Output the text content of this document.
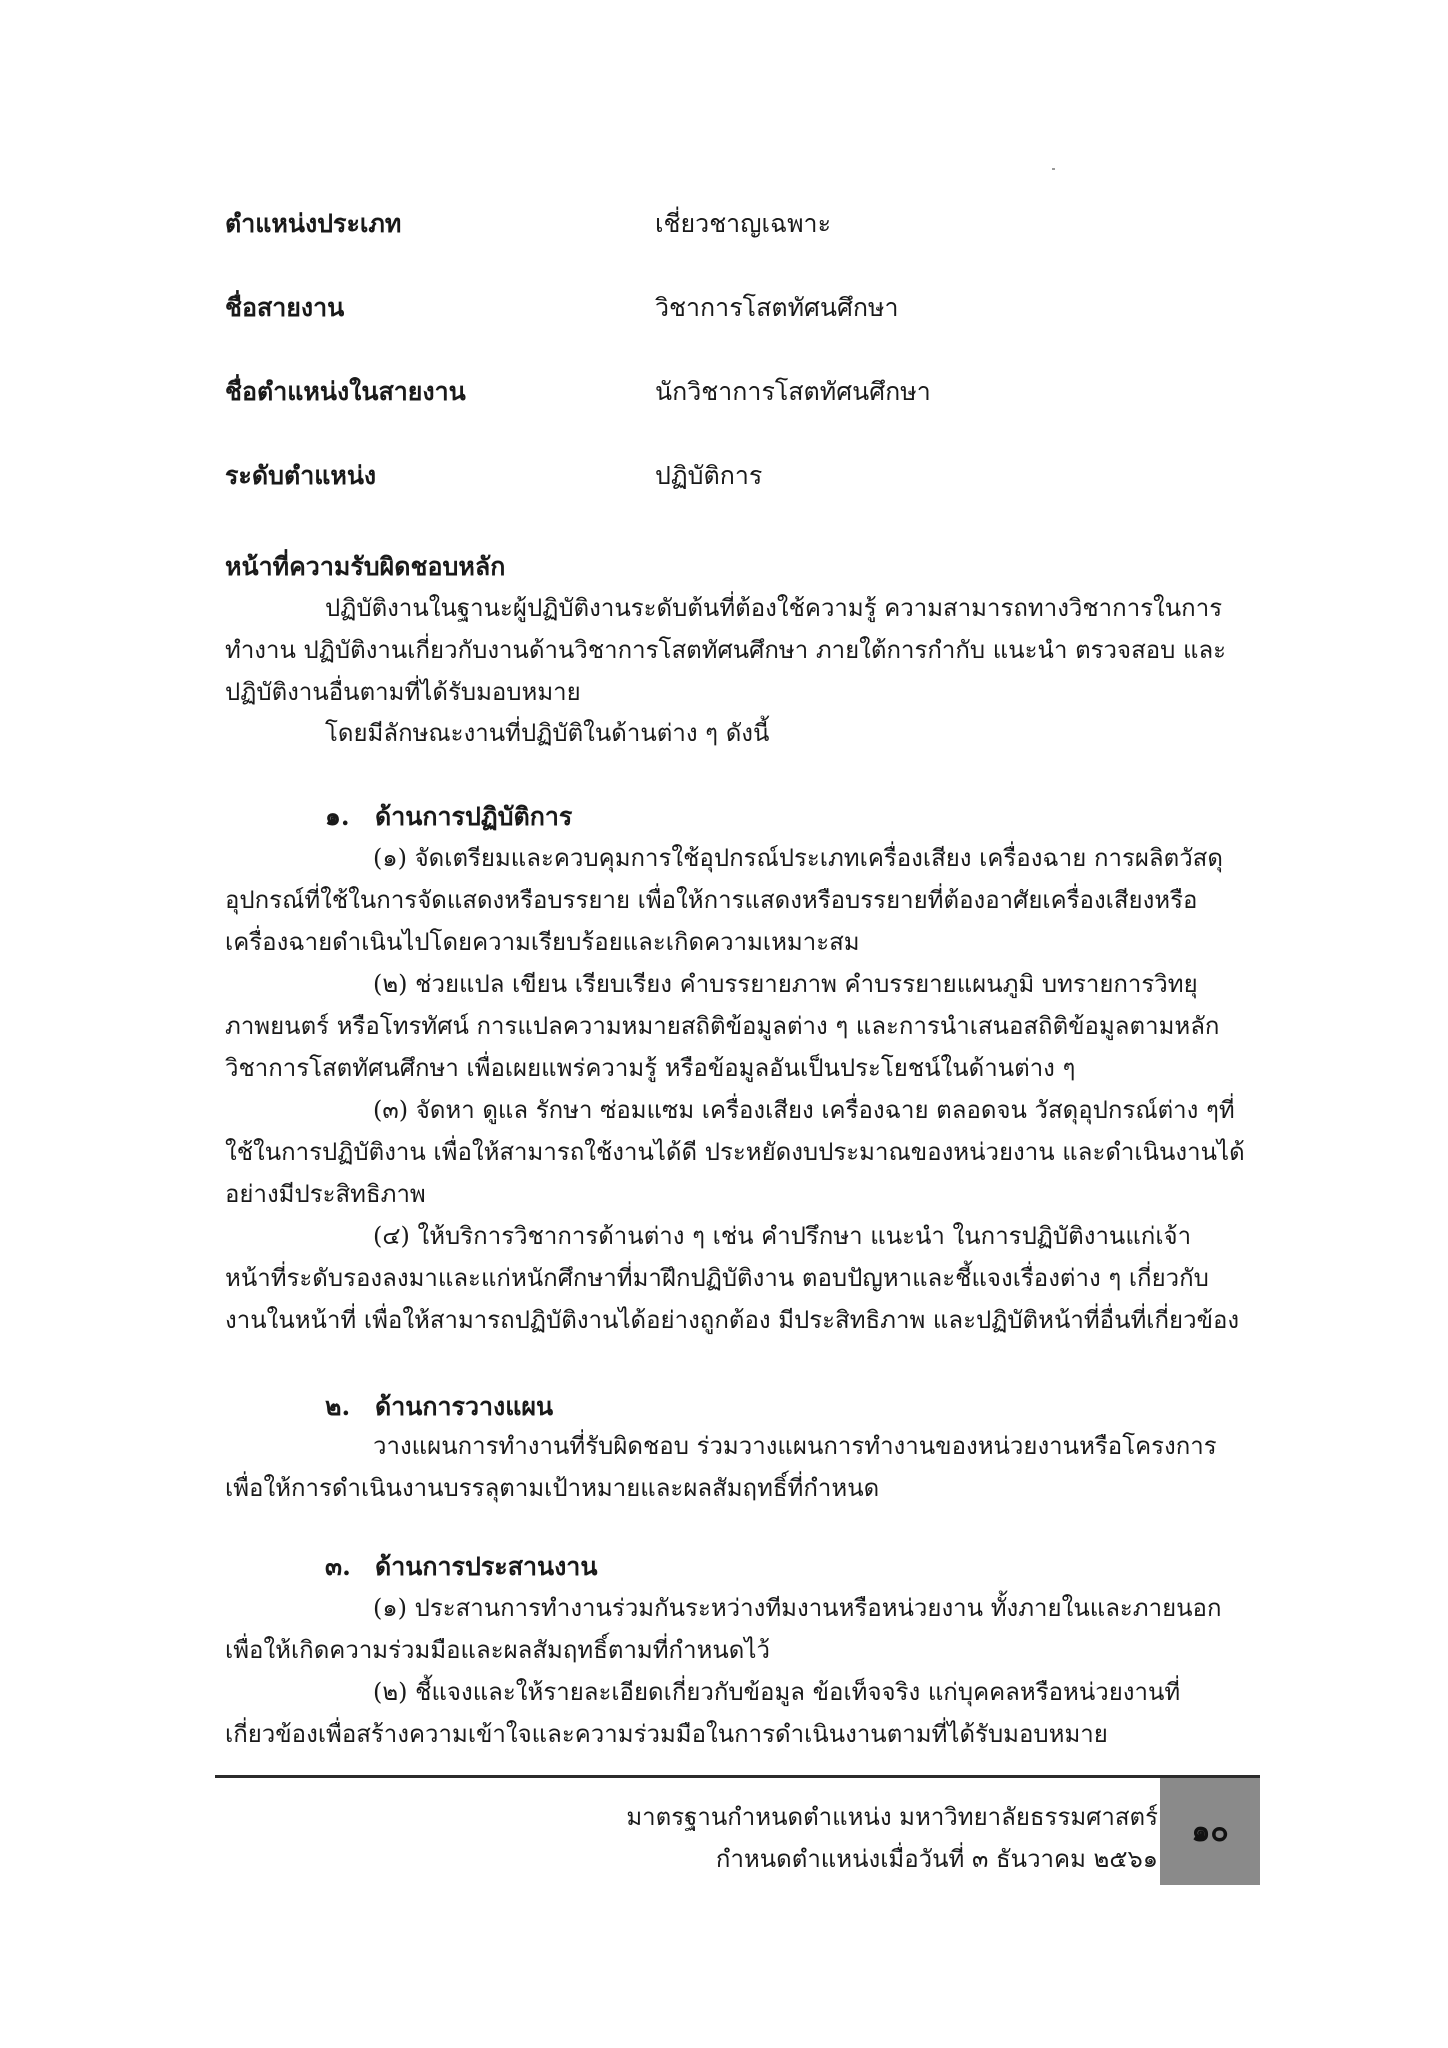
ตำแหน่งประเภท	เชี่ยวชาญเฉพาะ
ชื่อสายงาน	วิชาการโสตทัศนศึกษา
ชื่อตำแหน่งในสายงาน	นักวิชาการโสตทัศนศึกษา
ระดับตำแหน่ง	ปฏิบัติการ
หน้าที่ความรับผิดชอบหลัก

ปฏิบัติงานในฐานะผู้ปฏิบัติงานระดับต้นที่ต้องใช้ความรู้ ความสามารถทางวิชาการในการทำงาน ปฏิบัติงานเกี่ยวกับงานด้านวิชาการโสตทัศนศึกษา ภายใต้การกำกับ แนะนำ ตรวจสอบ และปฏิบัติงานอื่นตามที่ได้รับมอบหมาย

โดยมีลักษณะงานที่ปฏิบัติในด้านต่าง ๆ ดังนี้
๑. ด้านการปฏิบัติการ

(๑) จัดเตรียมและควบคุมการใช้อุปกรณ์ประเภทเครื่องเสียง เครื่องฉาย การผลิตวัสดุอุปกรณ์ที่ใช้ในการจัดแสดงหรือบรรยาย เพื่อให้การแสดงหรือบรรยายที่ต้องอาศัยเครื่องเสียงหรือเครื่องฉายดำเนินไปโดยความเรียบร้อยและเกิดความเหมาะสม

(๒) ช่วยแปล เขียน เรียบเรียง คำบรรยายภาพ คำบรรยายแผนภูมิ บทรายการวิทยุภาพยนตร์ หรือโทรทัศน์ การแปลความหมายสถิติข้อมูลต่าง ๆ และการนำเสนอสถิติข้อมูลตามหลักวิชาการโสตทัศนศึกษา เพื่อเผยแพร่ความรู้ หรือข้อมูลอันเป็นประโยชน์ในด้านต่าง ๆ

(๓) จัดหา ดูแล รักษา ซ่อมแซม เครื่องเสียง เครื่องฉาย ตลอดจน วัสดุอุปกรณ์ต่าง ๆที่ใช้ในการปฏิบัติงาน เพื่อให้สามารถใช้งานได้ดี ประหยัดงบประมาณของหน่วยงาน และดำเนินงานได้อย่างมีประสิทธิภาพ

(๔) ให้บริการวิชาการด้านต่าง ๆ เช่น คำปรึกษา แนะนำ ในการปฏิบัติงานแก่เจ้าหน้าที่ระดับรองลงมาและแก่หนักศึกษาที่มาฝึกปฏิบัติงาน ตอบปัญหาและชี้แจงเรื่องต่าง ๆ เกี่ยวกับงานในหน้าที่ เพื่อให้สามารถปฏิบัติงานได้อย่างถูกต้อง มีประสิทธิภาพ และปฏิบัติหน้าที่อื่นที่เกี่ยวข้อง

๒. ด้านการวางแผน

วางแผนการทำงานที่รับผิดชอบ ร่วมวางแผนการทำงานของหน่วยงานหรือโครงการเพื่อให้การดำเนินงานบรรลุตามเป้าหมายและผลสัมฤทธิ์ที่กำหนด

๓. ด้านการประสานงาน

(๑) ประสานการทำงานร่วมกันระหว่างทีมงานหรือหน่วยงาน ทั้งภายในและภายนอกเพื่อให้เกิดความร่วมมือและผลสัมฤทธิ์ตามที่กำหนดไว้

(๒) ชี้แจงและให้รายละเอียดเกี่ยวกับข้อมูล ข้อเท็จจริง แก่บุคคลหรือหน่วยงานที่เกี่ยวข้องเพื่อสร้างความเข้าใจและความร่วมมือในการดำเนินงานตามที่ได้รับมอบหมาย

มาตรฐานกำหนดตำแหน่ง มหาวิทยาลัยธรรมศาสตร์
กำหนดตำแหน่งเมื่อวันที่ ๓ ธันวาคม ๒๕๖๑
๑๐
